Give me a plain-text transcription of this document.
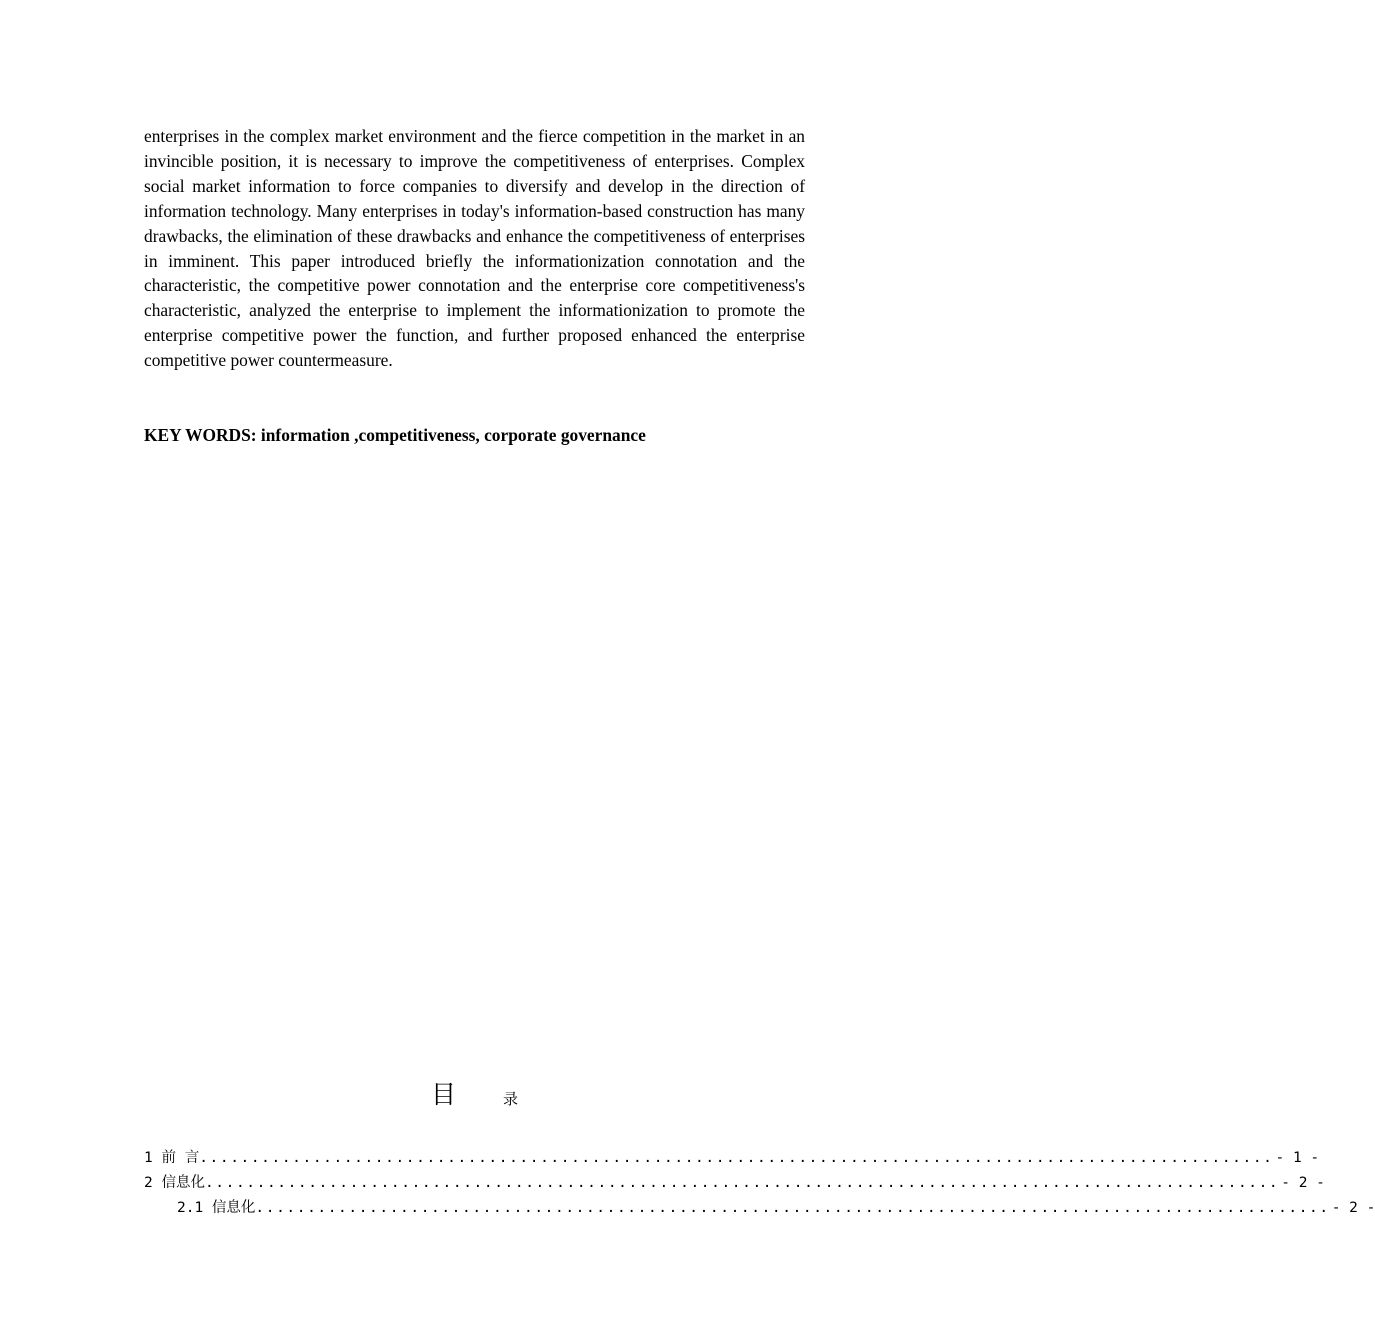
enterprises in the complex market environment and the fierce competition in the market in an invincible position, it is necessary to improve the competitiveness of enterprises. Complex social market information to force companies to diversify and develop in the direction of information technology. Many enterprises in today's information-based construction has many drawbacks, the elimination of these drawbacks and enhance the competitiveness of enterprises in imminent. This paper introduced briefly the informationization connotation and the characteristic, the competitive power connotation and the enterprise core competitiveness's characteristic, analyzed the enterprise to implement the informationization to promote the enterprise competitive power the function, and further proposed enhanced the enterprise competitive power countermeasure.

KEY WORDS: information ,competitiveness, corporate governance

目	录
1 前 言 ........................................................................................................ - 1 -
2 信息化 ........................................................................................................ - 2 -
2.1 信息化 ........................................................................................................ - 2 -
